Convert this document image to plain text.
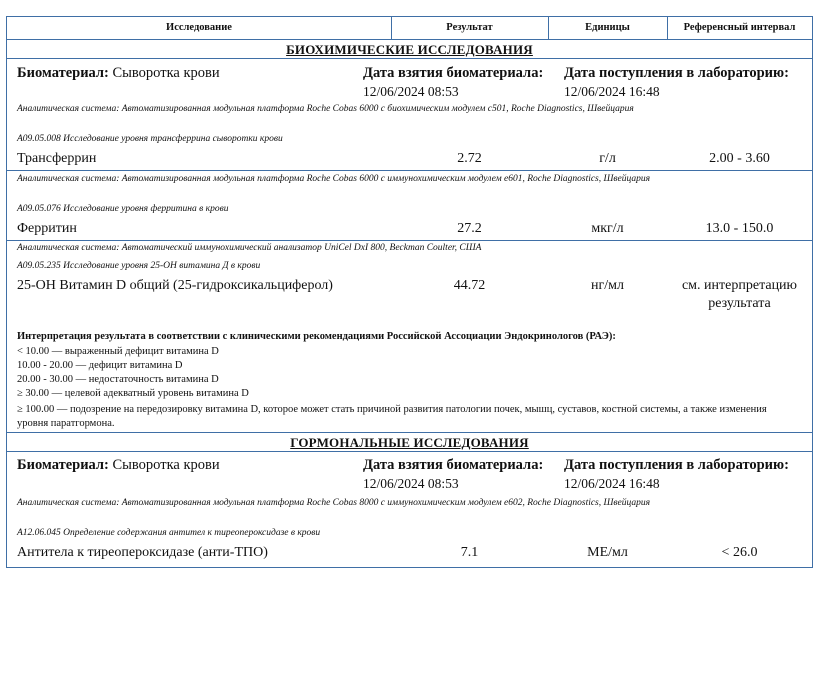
Исследование	Результат	Единицы	Референсный интервал
БИОХИМИЧЕСКИЕ ИССЛЕДОВАНИЯ
Биоматериал: Сыворотка крови	Дата взятия биоматериала:
12/06/2024 08:53
Дата поступления в лабораторию:
12/06/2024 16:48
Аналитическая система: Автоматизированная модульная платформа Roche Cobas 6000 с биохимическим модулем c501, Roche Diagnostics, Швейцария
A09.05.008 Исследование уровня трансферрина сыворотки крови
Трансферрин	2.72	г/л	2.00 - 3.60
Аналитическая система: Автоматизированная модульная платформа Roche Cobas 6000 с иммунохимическим модулем e601, Roche Diagnostics, Швейцария
A09.05.076 Исследование уровня ферритина в крови
Ферритин	27.2	мкг/л	13.0 - 150.0
Аналитическая система: Автоматический иммунохимический анализатор UniCel DxI 800, Beckman Coulter, США
A09.05.235 Исследование уровня 25-ОН витамина Д в крови
25-ОН Витамин D общий (25-гидроксикальциферол)	44.72	нг/мл	см. интерпретацию
результата
Интерпретация результата в соответствии с клиническими рекомендациями Российской Ассоциации Эндокринологов (РАЭ):
< 10.00 — выраженный дефицит витамина D
10.00 - 20.00 — дефицит витамина D
20.00 - 30.00 — недостаточность витамина D
≥ 30.00 — целевой адекватный уровень витамина D
≥ 100.00 — подозрение на передозировку витамина D, которое может стать причиной развития патологии почек, мышц, суставов, костной системы, а также изменения уровня паратгормона.
ГОРМОНАЛЬНЫЕ ИССЛЕДОВАНИЯ
Биоматериал: Сыворотка крови	Дата взятия биоматериала:
12/06/2024 08:53
Дата поступления в лабораторию:
12/06/2024 16:48
Аналитическая система: Автоматизированная модульная платформа Roche Cobas 8000 с иммунохимическим модулем e602, Roche Diagnostics, Швейцария
A12.06.045 Определение содержания антител к тиреопероксидазе в крови
Антитела к тиреопероксидазе (анти-ТПО)	7.1	МЕ/мл	< 26.0
